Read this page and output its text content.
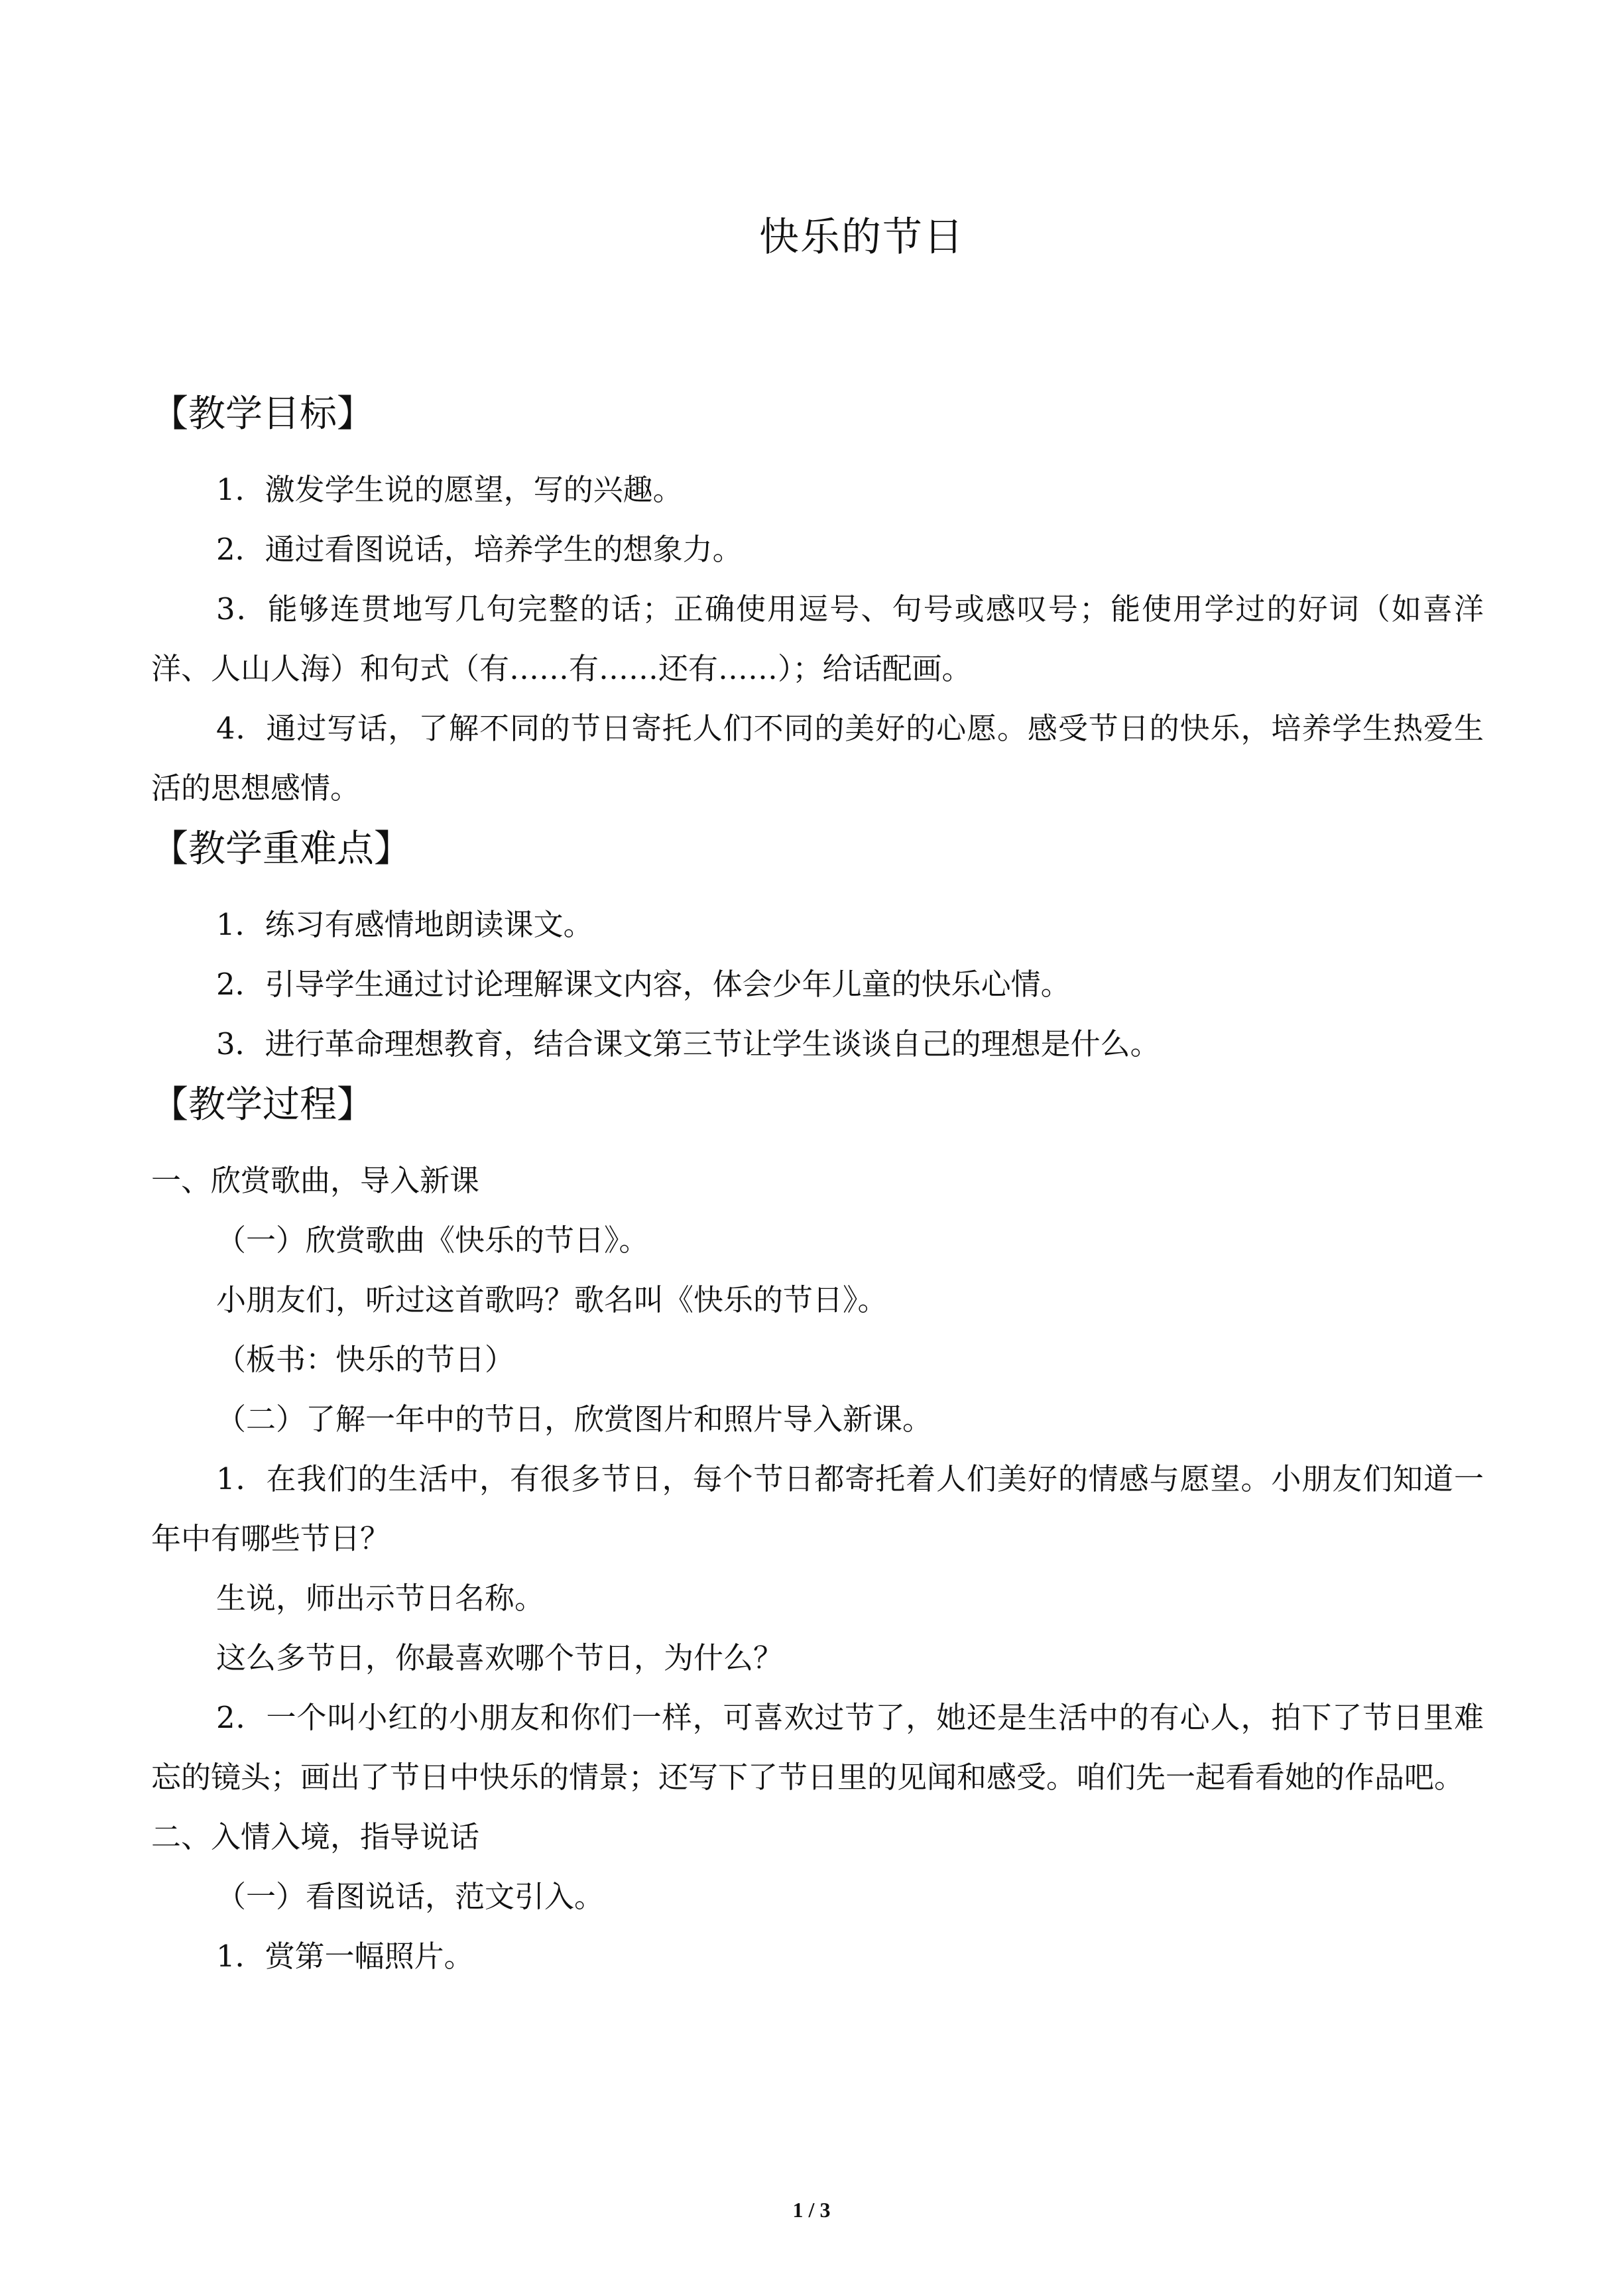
快乐的节日
【教学目标】

1．激发学生说的愿望，写的兴趣。

2．通过看图说话，培养学生的想象力。

3．能够连贯地写几句完整的话；正确使用逗号、句号或感叹号；能使用学过的好词（如喜洋洋、人山人海）和句式（有……有……还有……）；给话配画。

4．通过写话，了解不同的节日寄托人们不同的美好的心愿。感受节日的快乐，培养学生热爱生活的思想感情。

【教学重难点】

1．练习有感情地朗读课文。

2．引导学生通过讨论理解课文内容，体会少年儿童的快乐心情。

3．进行革命理想教育，结合课文第三节让学生谈谈自己的理想是什么。

【教学过程】

一、欣赏歌曲，导入新课

（一）欣赏歌曲《快乐的节日》。

小朋友们，听过这首歌吗？歌名叫《快乐的节日》。

（板书：快乐的节日）

（二）了解一年中的节日，欣赏图片和照片导入新课。

1．在我们的生活中，有很多节日，每个节日都寄托着人们美好的情感与愿望。小朋友们知道一年中有哪些节日？

生说，师出示节日名称。

这么多节日，你最喜欢哪个节日，为什么？

2．一个叫小红的小朋友和你们一样，可喜欢过节了，她还是生活中的有心人，拍下了节日里难忘的镜头；画出了节日中快乐的情景；还写下了节日里的见闻和感受。咱们先一起看看她的作品吧。

二、入情入境，指导说话

（一）看图说话，范文引入。

1．赏第一幅照片。

1 / 3
